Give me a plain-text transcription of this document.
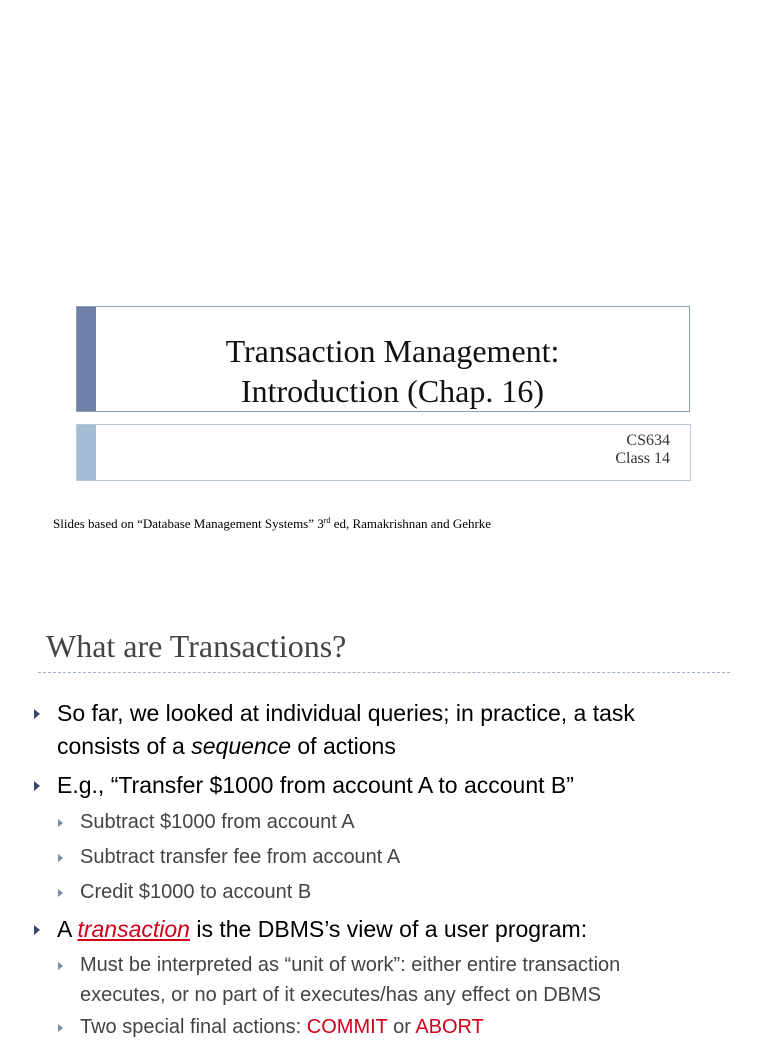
Transaction Management:
Introduction (Chap. 16)
CS634
Class 14
Slides based on “Database Management Systems” 3rd ed, Ramakrishnan and Gehrke
What are Transactions?
So far, we looked at individual queries; in practice, a task
consists of a sequence of actions
E.g., “Transfer $1000 from account A to account B”
Subtract $1000 from account A
Subtract transfer fee from account A
Credit $1000 to account B
A transaction is the DBMS’s view of a user program:
Must be interpreted as “unit of work”: either entire transaction
executes, or no part of it executes/has any effect on DBMS
Two special final actions: COMMIT or ABORT
